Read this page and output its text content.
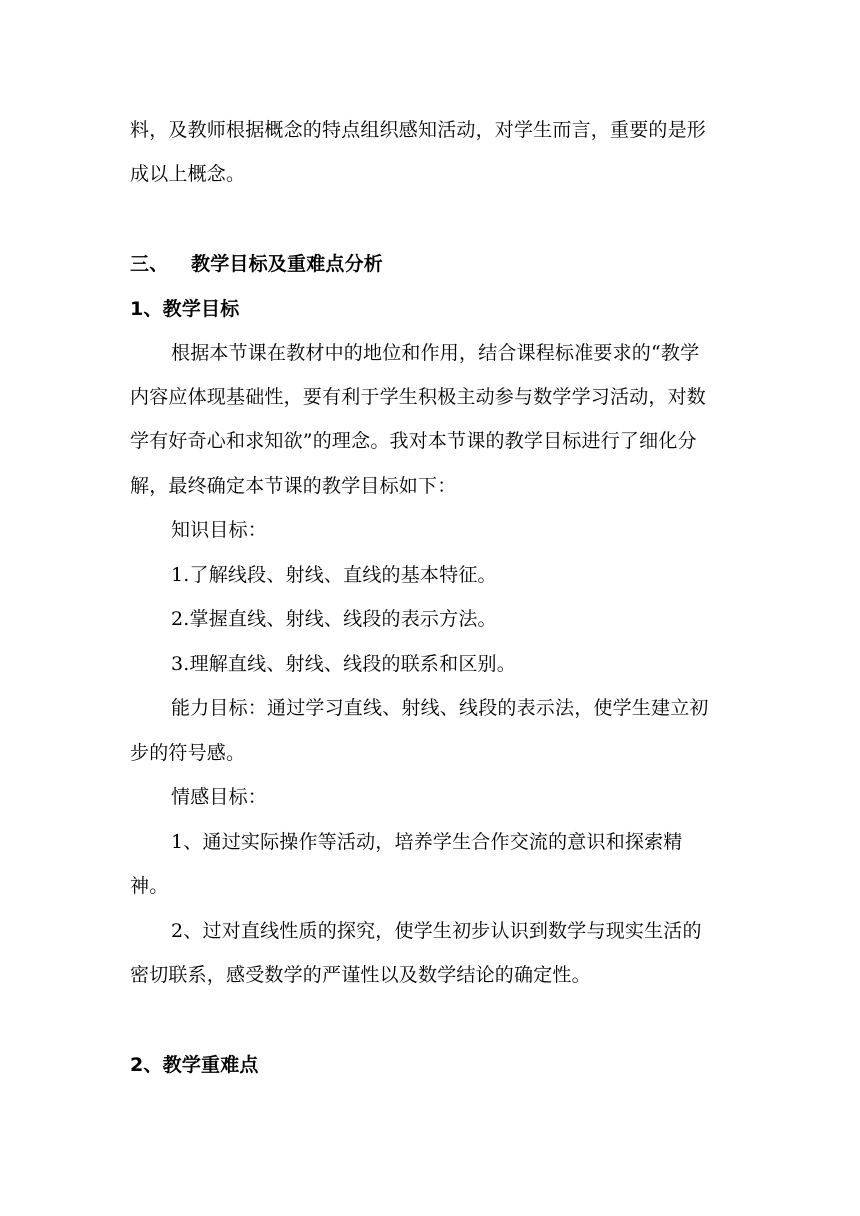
料，及教师根据概念的特点组织感知活动，对学生而言，重要的是形
成以上概念。
三、 教学目标及重难点分析
1、教学目标
根据本节课在教材中的地位和作用，结合课程标准要求的“教学
内容应体现基础性，要有利于学生积极主动参与数学学习活动，对数
学有好奇心和求知欲”的理念。我对本节课的教学目标进行了细化分
解，最终确定本节课的教学目标如下：
知识目标：
1.了解线段、射线、直线的基本特征。
2.掌握直线、射线、线段的表示方法。
3.理解直线、射线、线段的联系和区别。
能力目标：通过学习直线、射线、线段的表示法，使学生建立初
步的符号感。
情感目标：
1、通过实际操作等活动，培养学生合作交流的意识和探索精
神。
2、过对直线性质的探究，使学生初步认识到数学与现实生活的
密切联系，感受数学的严谨性以及数学结论的确定性。
2、教学重难点
